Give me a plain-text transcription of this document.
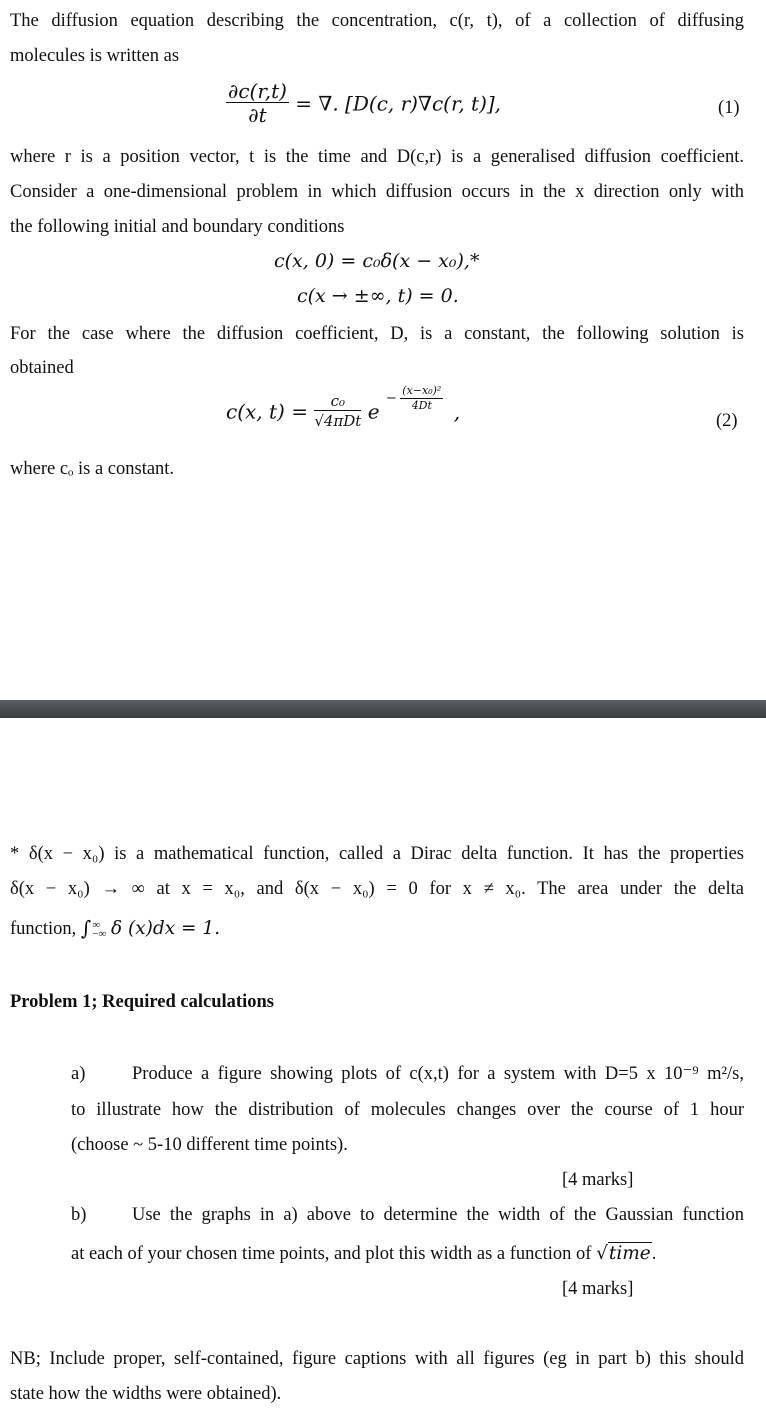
The diffusion equation describing the concentration, c(r, t), of a collection of diffusing
molecules is written as
$\frac{\partial c(r,t)}{\partial t}$ = ∇. [D(c, r)∇c(r, t)],	(1)
where r is a position vector, t is the time and D(c,r) is a generalised diffusion coefficient.
Consider a one-dimensional problem in which diffusion occurs in the x direction only with
the following initial and boundary conditions
c(x, 0) = c₀δ(x − x₀),*
c(x → ±∞, t) = 0.
For the case where the diffusion coefficient, D, is a constant, the following solution is
obtained
c(x, $t) = \frac{\text{c₀}}{\text{√4πDt}}$ $e - \frac{\text{(x−x₀)²}}{4Dt}$ ,	(2)
where cₒ is a constant.
* δ(x − x₀) is a mathematical function, called a Dirac delta function. It has the properties
δ(x − x₀) → ∞ at x = x₀, and δ(x − x₀) = 0 for x ≠ x₀. The area under the delta
function, ∫ ∞
−∞ δ (x)dx = 1.
Problem 1; Required calculations
a)	Produce a figure showing plots of c(x,t) for a system with D=5 x 10⁻⁹ m²/s,
to illustrate how the distribution of molecules changes over the course of 1 hour
(choose ~ 5-10 different time points).
[4 marks]
b) Use the graphs in a) above to determine the width of the Gaussian function
at each of your chosen time points, and plot this width as a function of √time.
[4 marks]
NB; Include proper, self-contained, figure captions with all figures (eg in part b) this should
state how the widths were obtained).
